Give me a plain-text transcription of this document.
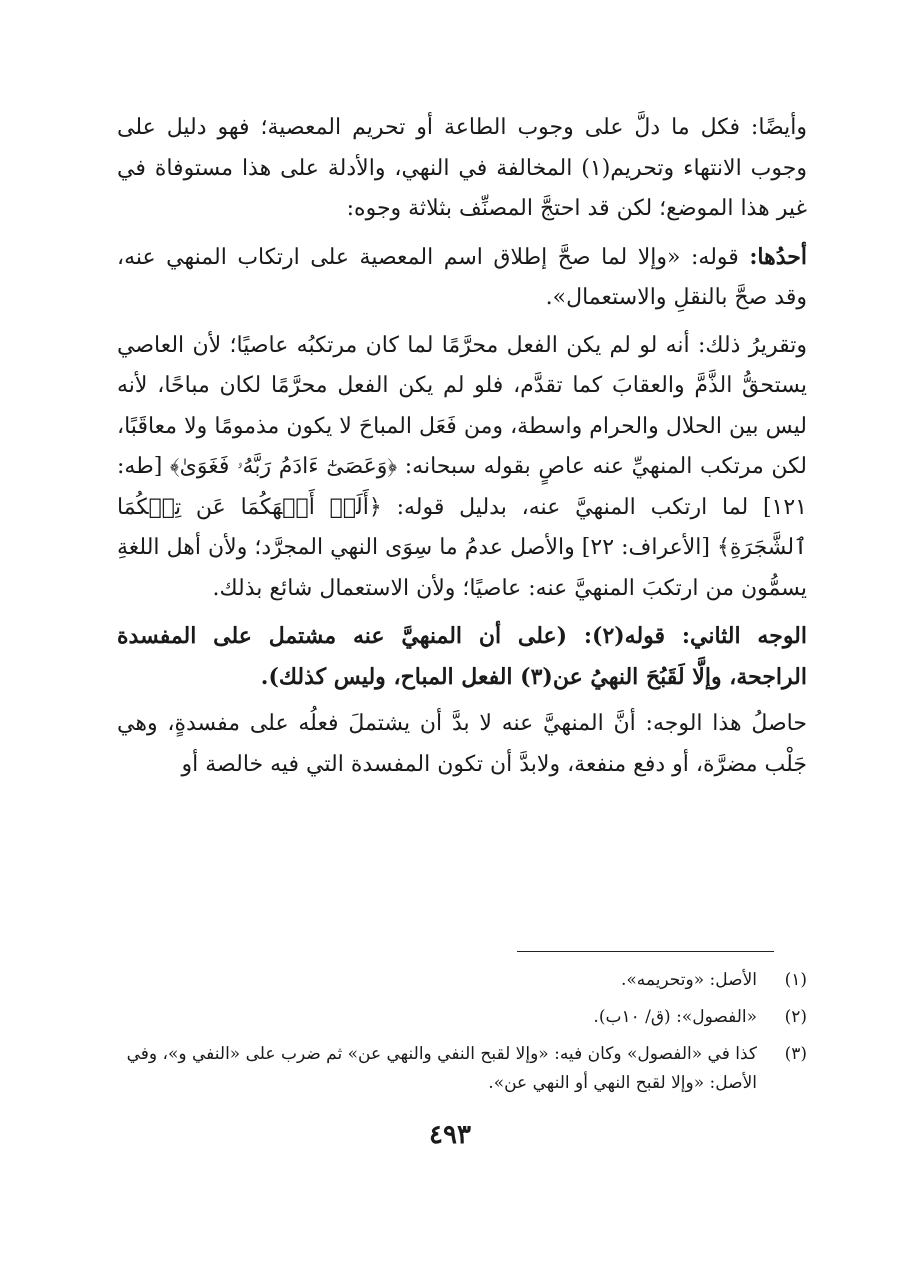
وأيضًا: فكل ما دلَّ على وجوب الطاعة أو تحريم المعصية؛ فهو دليل على وجوب الانتهاء وتحريم(١) المخالفة في النهي، والأدلة على هذا مستوفاة في غير هذا الموضع؛ لكن قد احتجَّ المصنِّف بثلاثة وجوه:

أحدُها: قوله: «وإلا لما صحَّ إطلاق اسم المعصية على ارتكاب المنهي عنه، وقد صحَّ بالنقلِ والاستعمال».

وتقريرُ ذلك: أنه لو لم يكن الفعل محرَّمًا لما كان مرتكبُه عاصيًا؛ لأن العاصي يستحقُّ الذَّمَّ والعقابَ كما تقدَّم، فلو لم يكن الفعل محرَّمًا لكان مباحًا، لأنه ليس بين الحلال والحرام واسطة، ومن فَعَل المباحَ لا يكون مذمومًا ولا معاقَبًا، لكن مرتكب المنهيِّ عنه عاصٍ بقوله سبحانه: ﴿وَعَصَىٰٓ ءَادَمُ رَبَّهُۥ فَغَوَىٰ﴾ [طه: ١٢١] لما ارتكب المنهيَّ عنه، بدليل قوله: ﴿أَلَمۡ أَنۡهَكُمَا عَن تِلۡكُمَا ٱلشَّجَرَةِ﴾ [الأعراف: ٢٢] والأصل عدمُ ما سِوَى النهي المجرَّد؛ ولأن أهل اللغةِ يسمُّون من ارتكبَ المنهيَّ عنه: عاصيًا؛ ولأن الاستعمال شائع بذلك.

الوجه الثاني: قوله(٢): (على أن المنهيَّ عنه مشتمل على المفسدة الراجحة، وإلَّا لَقَبُحَ النهيُ عن(٣) الفعل المباح، وليس كذلك).

حاصلُ هذا الوجه: أنَّ المنهيَّ عنه لا بدَّ أن يشتملَ فعلُه على مفسدةٍ، وهي جَلْب مضرَّة، أو دفع منفعة، ولابدَّ أن تكون المفسدة التي فيه خالصة أو

(١)
الأصل: «وتحريمه».
(٢)
«الفصول»: (ق/ ١٠ب).
(٣)
كذا في «الفصول» وكان فيه: «وإلا لقبح النفي والنهي عن» ثم ضرب على «النفي و»، وفي الأصل: «وإلا لقبح النهي أو النهي عن».
٤٩٣
